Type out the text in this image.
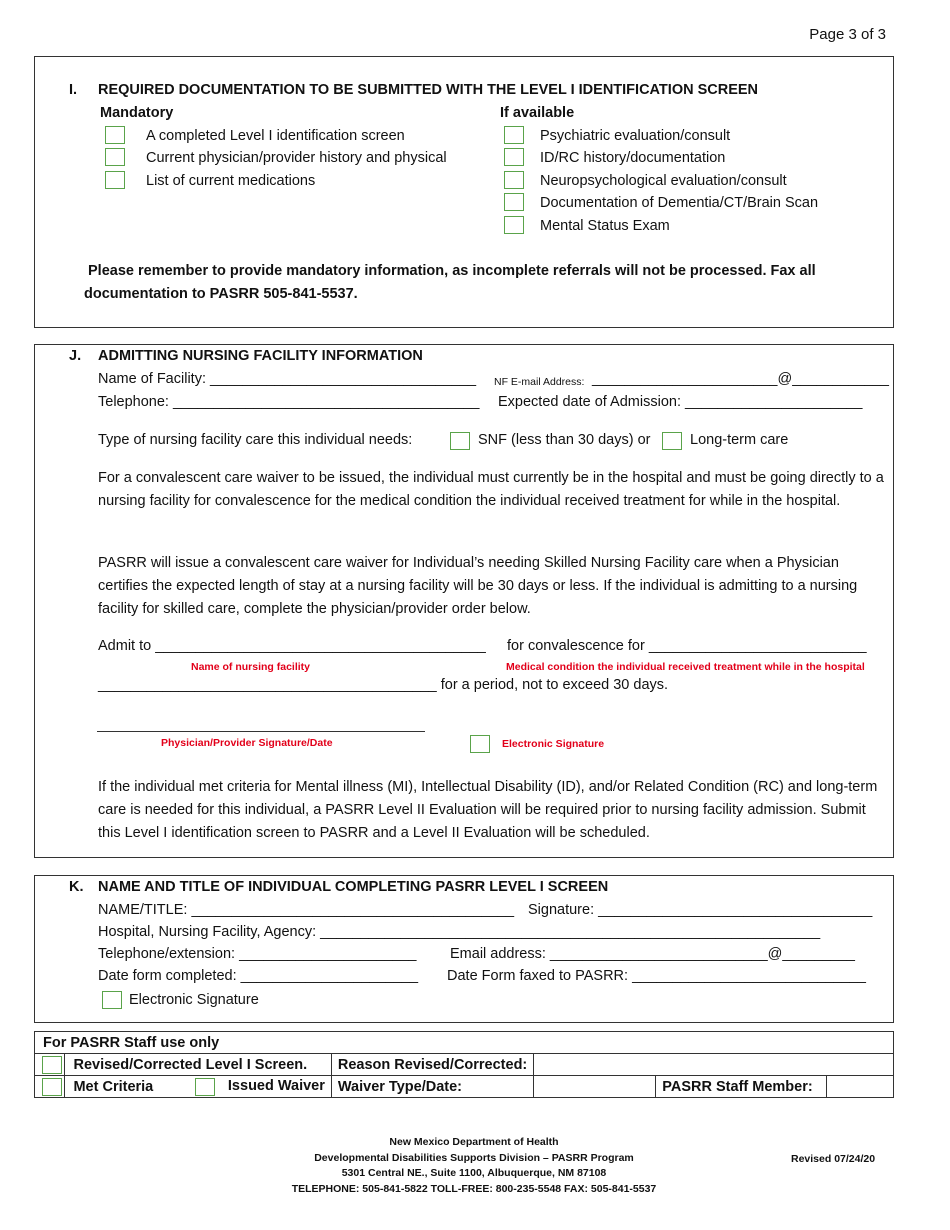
Page 3 of 3
I. REQUIRED DOCUMENTATION TO BE SUBMITTED WITH THE LEVEL I IDENTIFICATION SCREEN
Mandatory
A completed Level I identification screen
Current physician/provider history and physical
List of current medications
If available
Psychiatric evaluation/consult
ID/RC history/documentation
Neuropsychological evaluation/consult
Documentation of Dementia/CT/Brain Scan
Mental Status Exam
Please remember to provide mandatory information, as incomplete referrals will not be processed. Fax all
documentation to PASRR 505-841-5537.
J. ADMITTING NURSING FACILITY INFORMATION
Name of Facility: _________________________________ NF E-mail Address: _______________________@____________
Telephone: ______________________________________ Expected date of Admission: ______________________
Type of nursing facility care this individual needs:	SNF (less than 30 days) or	Long-term care
For a convalescent care waiver to be issued, the individual must currently be in the hospital and must be going directly to a nursing facility for convalescence for the medical condition the individual received treatment for while in the hospital.
PASRR will issue a convalescent care waiver for Individual’s needing Skilled Nursing Facility care when a Physician certifies the expected length of stay at a nursing facility will be 30 days or less. If the individual is admitting to a nursing facility for skilled care, complete the physician/provider order below.
Admit to _________________________________________ for convalescence for ___________________________
Name of nursing facility	Medical condition the individual received treatment while in the hospital
__________________________________________ for a period, not to exceed 30 days.
Physician/Provider Signature/Date	Electronic Signature
If the individual met criteria for Mental illness (MI), Intellectual Disability (ID), and/or Related Condition (RC) and long-term care is needed for this individual, a PASRR Level II Evaluation will be required prior to nursing facility admission. Submit this Level I identification screen to PASRR and a Level II Evaluation will be scheduled.
K. NAME AND TITLE OF INDIVIDUAL COMPLETING PASRR LEVEL I SCREEN
NAME/TITLE: ________________________________________ Signature: __________________________________
Hospital, Nursing Facility, Agency: ______________________________________________________________
Telephone/extension: ______________________ Email address: ___________________________@_________
Date form completed: ______________________ Date Form faxed to PASRR: _____________________________
Electronic Signature
For PASRR Staff use only					

	Revised/Corrected Level I Screen.	Reason Revised/Corrected:			

	Met Criteria Issued Waiver	Waiver Type/Date:		PASRR Staff Member:	
New Mexico Department of Health
Developmental Disabilities Supports Division – PASRR Program
5301 Central NE., Suite 1100, Albuquerque, NM 87108
TELEPHONE: 505-841-5822 TOLL-FREE: 800-235-5548 FAX: 505-841-5537
Revised 07/24/20
